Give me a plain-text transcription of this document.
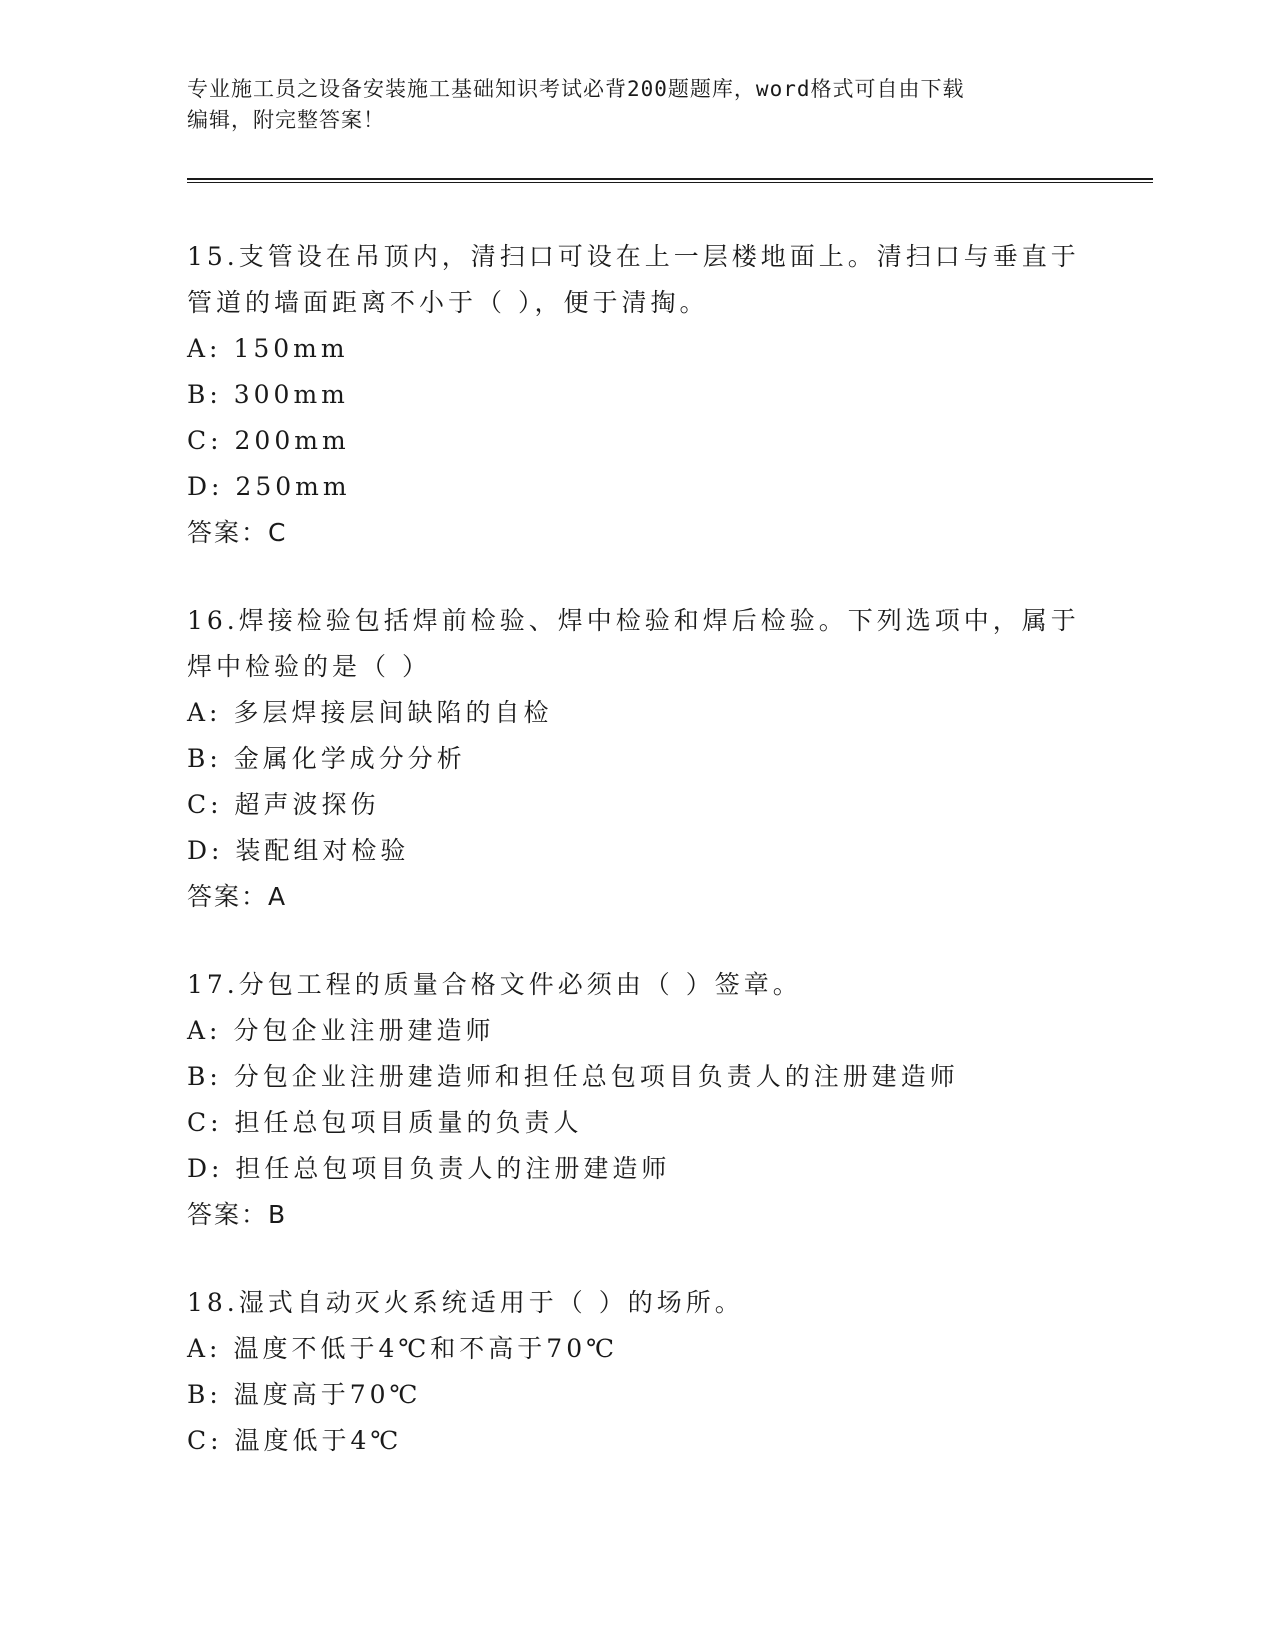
专业施工员之设备安装施工基础知识考试必背200题题库，word格式可自由下载
编辑，附完整答案！
15.支管设在吊顶内，清扫口可设在上一层楼地面上。清扫口与垂直于
管道的墙面距离不小于（ ），便于清掏。
A: 150mm
B: 300mm
C: 200mm
D: 250mm
答案：C
16.焊接检验包括焊前检验、焊中检验和焊后检验。下列选项中，属于
焊中检验的是（ ）
A: 多层焊接层间缺陷的自检
B: 金属化学成分分析
C: 超声波探伤
D: 装配组对检验
答案：A
17.分包工程的质量合格文件必须由（ ）签章。
A: 分包企业注册建造师
B: 分包企业注册建造师和担任总包项目负责人的注册建造师
C: 担任总包项目质量的负责人
D: 担任总包项目负责人的注册建造师
答案：B
18.湿式自动灭火系统适用于（ ）的场所。
A: 温度不低于4℃和不高于70℃
B: 温度高于70℃
C: 温度低于4℃
